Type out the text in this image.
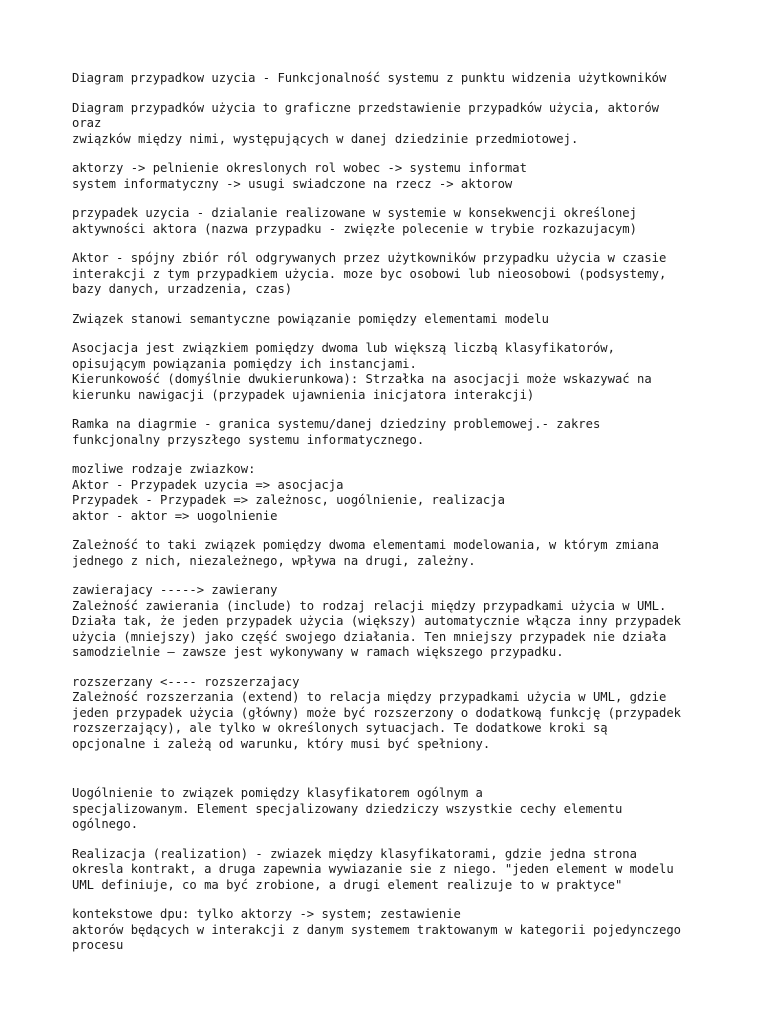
Diagram przypadkow uzycia - Funkcjonalność systemu z punktu widzenia użytkowników
Diagram przypadków użycia to graficzne przedstawienie przypadków użycia, aktorów
oraz
związków między nimi, występujących w danej dziedzinie przedmiotowej.
aktorzy -> pelnienie okreslonych rol wobec -> systemu informat
system informatyczny -> usugi swiadczone na rzecz -> aktorow
przypadek uzycia - dzialanie realizowane w systemie w konsekwencji określonej
aktywności aktora (nazwa przypadku - zwięzłe polecenie w trybie rozkazujacym)
Aktor - spójny zbiór ról odgrywanych przez użytkowników przypadku użycia w czasie
interakcji z tym przypadkiem użycia. moze byc osobowi lub nieosobowi (podsystemy,
bazy danych, urzadzenia, czas)
Związek stanowi semantyczne powiązanie pomiędzy elementami modelu
Asocjacja jest związkiem pomiędzy dwoma lub większą liczbą klasyfikatorów,
opisującym powiązania pomiędzy ich instancjami.
Kierunkowość (domyślnie dwukierunkowa): Strzałka na asocjacji może wskazywać na
kierunku nawigacji (przypadek ujawnienia inicjatora interakcji)
Ramka na diagrmie - granica systemu/danej dziedziny problemowej.- zakres
funkcjonalny przyszłego systemu informatycznego.
mozliwe rodzaje zwiazkow:
Aktor - Przypadek uzycia => asocjacja
Przypadek - Przypadek => zależnosc, uogólnienie, realizacja
aktor - aktor => uogolnienie
Zależność to taki związek pomiędzy dwoma elementami modelowania, w którym zmiana
jednego z nich, niezależnego, wpływa na drugi, zależny.
zawierajacy -----> zawierany
Zależność zawierania (include) to rodzaj relacji między przypadkami użycia w UML.
Działa tak, że jeden przypadek użycia (większy) automatycznie włącza inny przypadek
użycia (mniejszy) jako część swojego działania. Ten mniejszy przypadek nie działa
samodzielnie – zawsze jest wykonywany w ramach większego przypadku.
rozszerzany <---- rozszerzajacy
Zależność rozszerzania (extend) to relacja między przypadkami użycia w UML, gdzie
jeden przypadek użycia (główny) może być rozszerzony o dodatkową funkcję (przypadek
rozszerzający), ale tylko w określonych sytuacjach. Te dodatkowe kroki są
opcjonalne i zależą od warunku, który musi być spełniony.
Uogólnienie to związek pomiędzy klasyfikatorem ogólnym a
specjalizowanym. Element specjalizowany dziedziczy wszystkie cechy elementu
ogólnego.
Realizacja (realization) - zwiazek między klasyfikatorami, gdzie jedna strona
okresla kontrakt, a druga zapewnia wywiazanie sie z niego. "jeden element w modelu
UML definiuje, co ma być zrobione, a drugi element realizuje to w praktyce"
kontekstowe dpu: tylko aktorzy -> system; zestawienie
aktorów będących w interakcji z danym systemem traktowanym w kategorii pojedynczego
procesu
